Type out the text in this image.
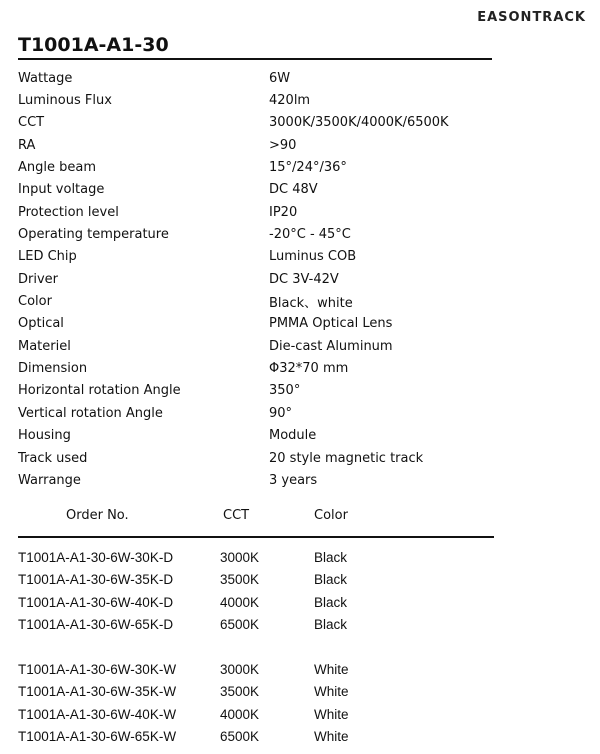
EASONTRACK
T1001A-A1-30
Wattage	6W
Luminous Flux	420lm
CCT	3000K/3500K/4000K/6500K
RA	>90
Angle beam	15°/24°/36°
Input voltage	DC 48V
Protection level	IP20
Operating temperature	-20°C - 45°C
LED Chip	Luminus COB
Driver	DC 3V-42V
Color	Black、white
Optical	PMMA Optical Lens
Materiel	Die-cast Aluminum
Dimension	Φ32*70 mm
Horizontal rotation Angle	350°
Vertical rotation Angle	90°
Housing	Module
Track used	20 style magnetic track
Warrange	3 years
Order No.	CCT	Color
T1001A-A1-30-6W-30K-D	3000K	Black
T1001A-A1-30-6W-35K-D	3500K	Black
T1001A-A1-30-6W-40K-D	4000K	Black
T1001A-A1-30-6W-65K-D	6500K	Black
T1001A-A1-30-6W-30K-W	3000K	White
T1001A-A1-30-6W-35K-W	3500K	White
T1001A-A1-30-6W-40K-W	4000K	White
T1001A-A1-30-6W-65K-W	6500K	White
